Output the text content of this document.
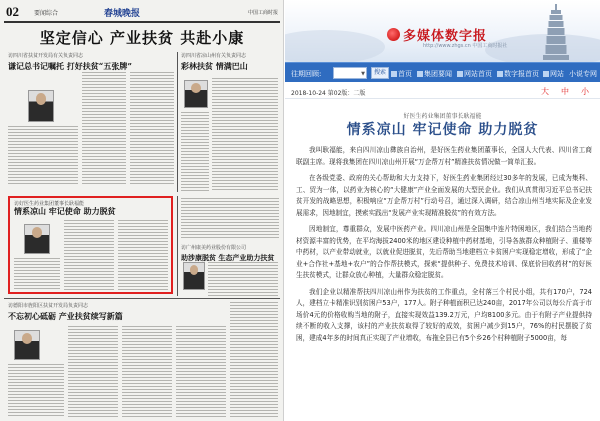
02	要闻综合	春城晚报	中国工商时报
坚定信心 产业扶贫 共赴小康
访四川省扶贫开发局有关负责同志
谦记总书记嘱托 打好扶贫“五张牌”
访四川省凉山州有关负责同志
彩林扶贫 情满巴山
访好医生药业集团董事长耿福能
情系凉山 牢记使命 助力脱贫
访广州康美药业股份有限公司
助涉康脱贫 生态产业助力扶贫
访德阳市旌阳区扶贫开发局负责同志
不忘初心砥砺 产业扶贫续写新篇
多媒体数字报
http://www.zhgs.cn 中国工商时报社
往期回顾:	▼	搜索	首页	集团要闻	网站首页	数字报首页	网站 小说专网
2018-10-24 第02版：二版	大 中 小
好医生药业集团董事长耿福能
情系凉山 牢记使命 助力脱贫

我叫耿福能，来自四川凉山彝族自治州，是好医生药业集团董事长，全国人大代表、四川省工商联副主席。现将我集团在四川凉山州开展“万企帮万村”精准扶贫情况做一简单汇报。

在各级党委、政府的关心帮助和大力支持下，好医生药业集团经过30多年的发展，已成为集科、工、贸为一体，以药业为核心的“大健康”产业全面发展的大型民企业。我们从真贯彻习近平总书记扶贫开发的战略思想，积极响应“万企帮万村”行动号召，通过深入调研，结合凉山州当地实际及企业发展需求，因地制宜，摸索实践出“发展产业实现精准脱贫”的有效方法。

因地制宜，尊重群众，发展中医药产业。四川凉山州是全国集中连片特困地区，我们结合当地药材资源丰富的优势，在平均海拔2400米的地区建设种植中药材基地，引导各族群众种植附子、重楼等中药材，以产业带动就业，以就业促进脱贫，先后帮助当地建档立卡贫困户实现稳定增收，形成了“企业+合作社+基地+农户”的合作帮扶模式，探索“提供种子、免费技术培训、保底价回收药材”的好医生扶贫模式，让群众放心种植，大量群众稳定脱贫。

我们企业以精准帮扶四川凉山州作为扶贫的工作重点，全村落三个村民小组，共有170户，724人，建档立卡精准识别贫困户53户，177人。附子种植面积已达240亩，2017年公司以每公斤高于市场价4元的价格收购当地的附子，直接实现效益139.2万元，户均8100多元。由于有附子产业提供持续不断的收入支撑，该村的产业扶贫取得了较好的成效，贫困户减少到15户，76%的村民摆脱了贫困，建成4年多的时间真正实现了产业增收，布拖全县已有5个乡26个村种植附子5000亩，每
